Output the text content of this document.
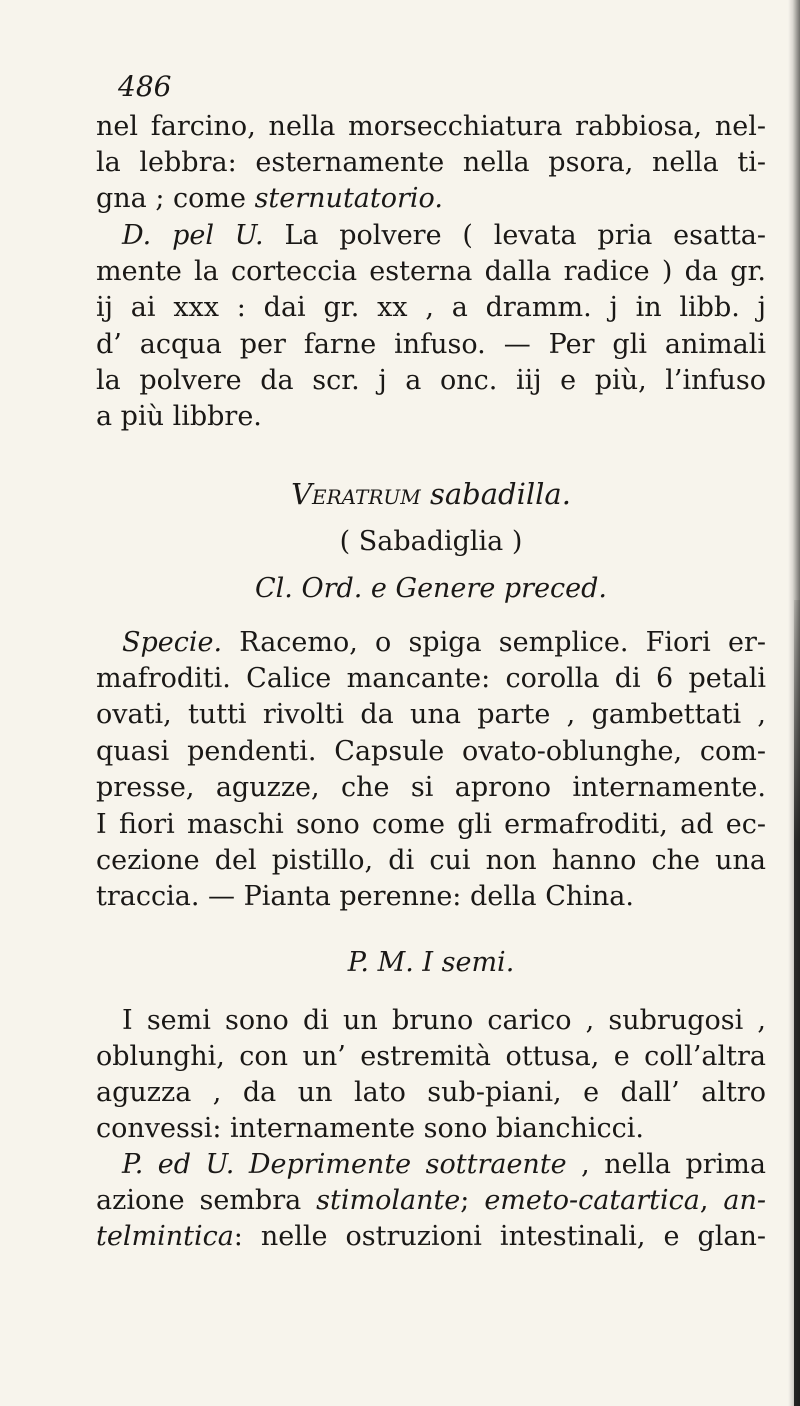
486
nel farcino, nella morsecchiatura rabbiosa, nel-
la lebbra: esternamente nella psora, nella ti-
gna ; come sternutatorio.
D. pel U. La polvere ( levata pria esatta-
mente la corteccia esterna dalla radice ) da gr.
ij ai xxx : dai gr. xx , a dramm. j in libb. j
d’ acqua per farne infuso. — Per gli animali
la polvere da scr. j a onc. iij e più, l’infuso
a più libbre.
Veratrum sabadilla.
( Sabadiglia )
Cl. Ord. e Genere preced.
Specie. Racemo, o spiga semplice. Fiori er-
mafroditi. Calice mancante: corolla di 6 petali
ovati, tutti rivolti da una parte , gambettati ,
quasi pendenti. Capsule ovato-oblunghe, com-
presse, aguzze, che si aprono internamente.
I fiori maschi sono come gli ermafroditi, ad ec-
cezione del pistillo, di cui non hanno che una
traccia. — Pianta perenne: della China.
P. M. I semi.
I semi sono di un bruno carico , subrugosi ,
oblunghi, con un’ estremità ottusa, e coll’altra
aguzza , da un lato sub-piani, e dall’ altro
convessi: internamente sono bianchicci.
P. ed U. Deprimente sottraente , nella prima
azione sembra stimolante; emeto-catartica, an-
telmintica: nelle ostruzioni intestinali, e glan-
